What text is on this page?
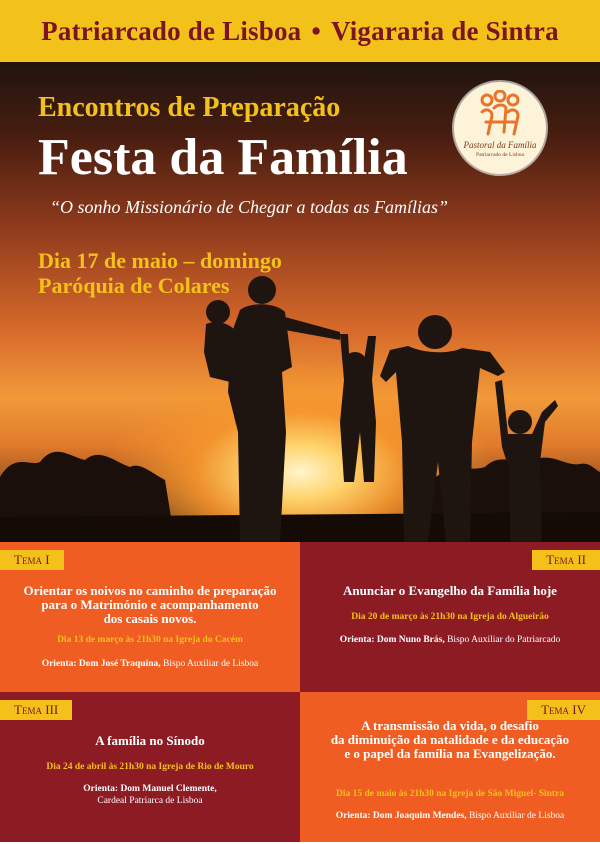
Patriarcado de Lisboa • Vigararia de Sintra
Encontros de Preparação
Festa da Família
“O sonho Missionário de Chegar a todas as Famílias”
Dia 17 de maio – domingo
Paróquia de Colares
Pastoral da Família
Patriarcado de Lisboa
Tema I
Orientar os noivos no caminho de preparação
para o Matrimónio e acompanhamento
dos casais novos.
Dia 13 de março às 21h30 na Igreja do Cacém
Orienta: Dom José Traquina, Bispo Auxiliar de Lisboa
Tema II
Anunciar o Evangelho da Família hoje
Dia 20 de março às 21h30 na Igreja do Algueirão
Orienta: Dom Nuno Brás, Bispo Auxiliar do Patriarcado
Tema III
A família no Sínodo
Dia 24 de abril às 21h30 na Igreja de Rio de Mouro
Orienta: Dom Manuel Clemente,
Cardeal Patriarca de Lisboa
Tema IV
A transmissão da vida, o desafio
da diminuição da natalidade e da educação
e o papel da família na Evangelização.
Dia 15 de maio às 21h30 na Igreja de São Miguel- Sintra
Orienta: Dom Joaquim Mendes, Bispo Auxiliar de Lisboa
